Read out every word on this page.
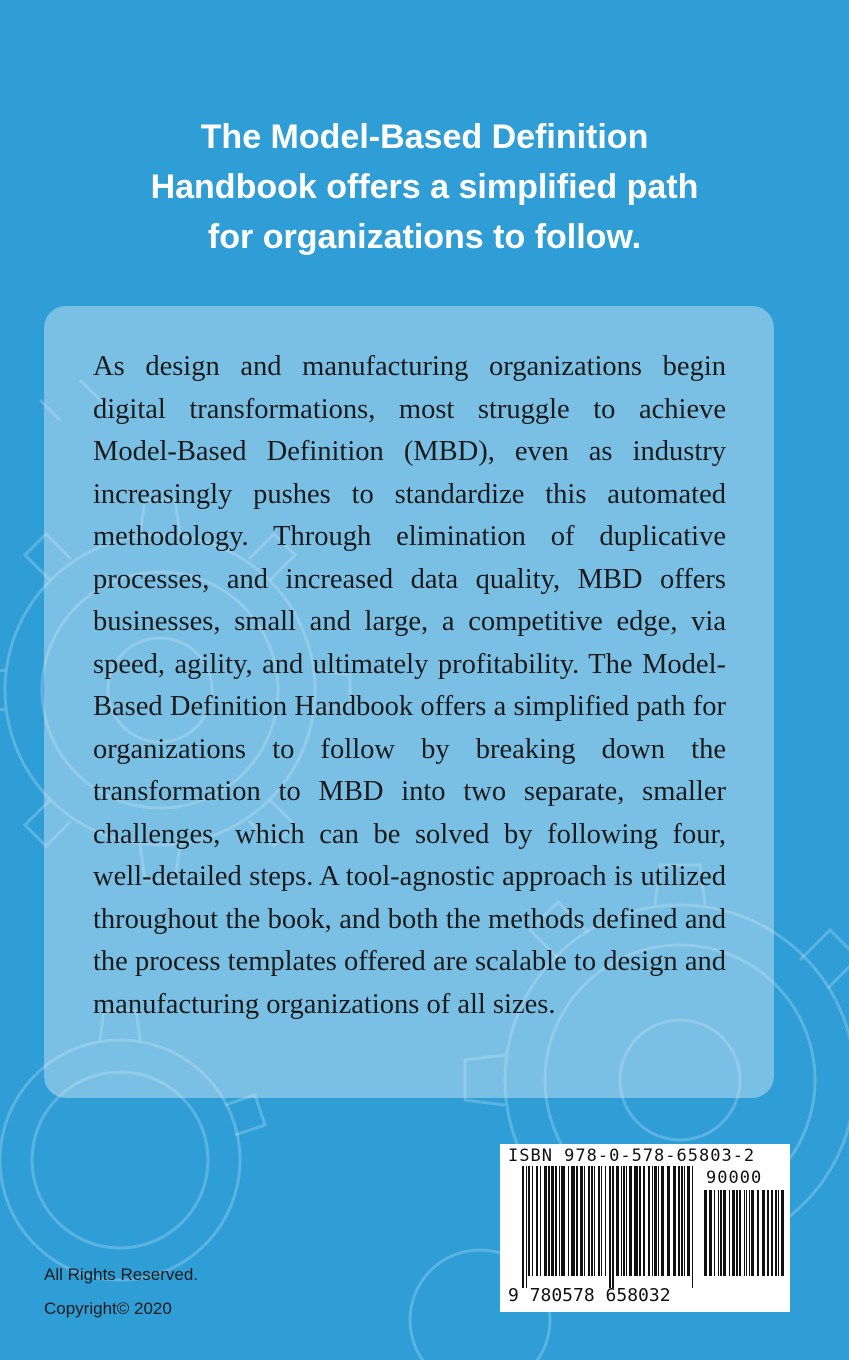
The Model-Based Definition
Handbook offers a simplified path
for organizations to follow.

As design and manufacturing organizations begin digital transformations, most struggle to achieve Model-Based Definition (MBD), even as industry increasingly pushes to standardize this automated methodology. Through elimination of duplicative processes, and increased data quality, MBD offers businesses, small and large, a competitive edge, via speed, agility, and ultimately profitability. The Model-Based Definition Handbook offers a simplified path for organizations to follow by breaking down the transformation to MBD into two separate, smaller challenges, which can be solved by following four, well-detailed steps. A tool-agnostic approach is utilized throughout the book, and both the methods defined and the process templates offered are scalable to design and manufacturing organizations of all sizes.

All Rights Reserved.
Copyright© 2020
ISBN 978-0-578-65803-2
90000
9 780578 658032
